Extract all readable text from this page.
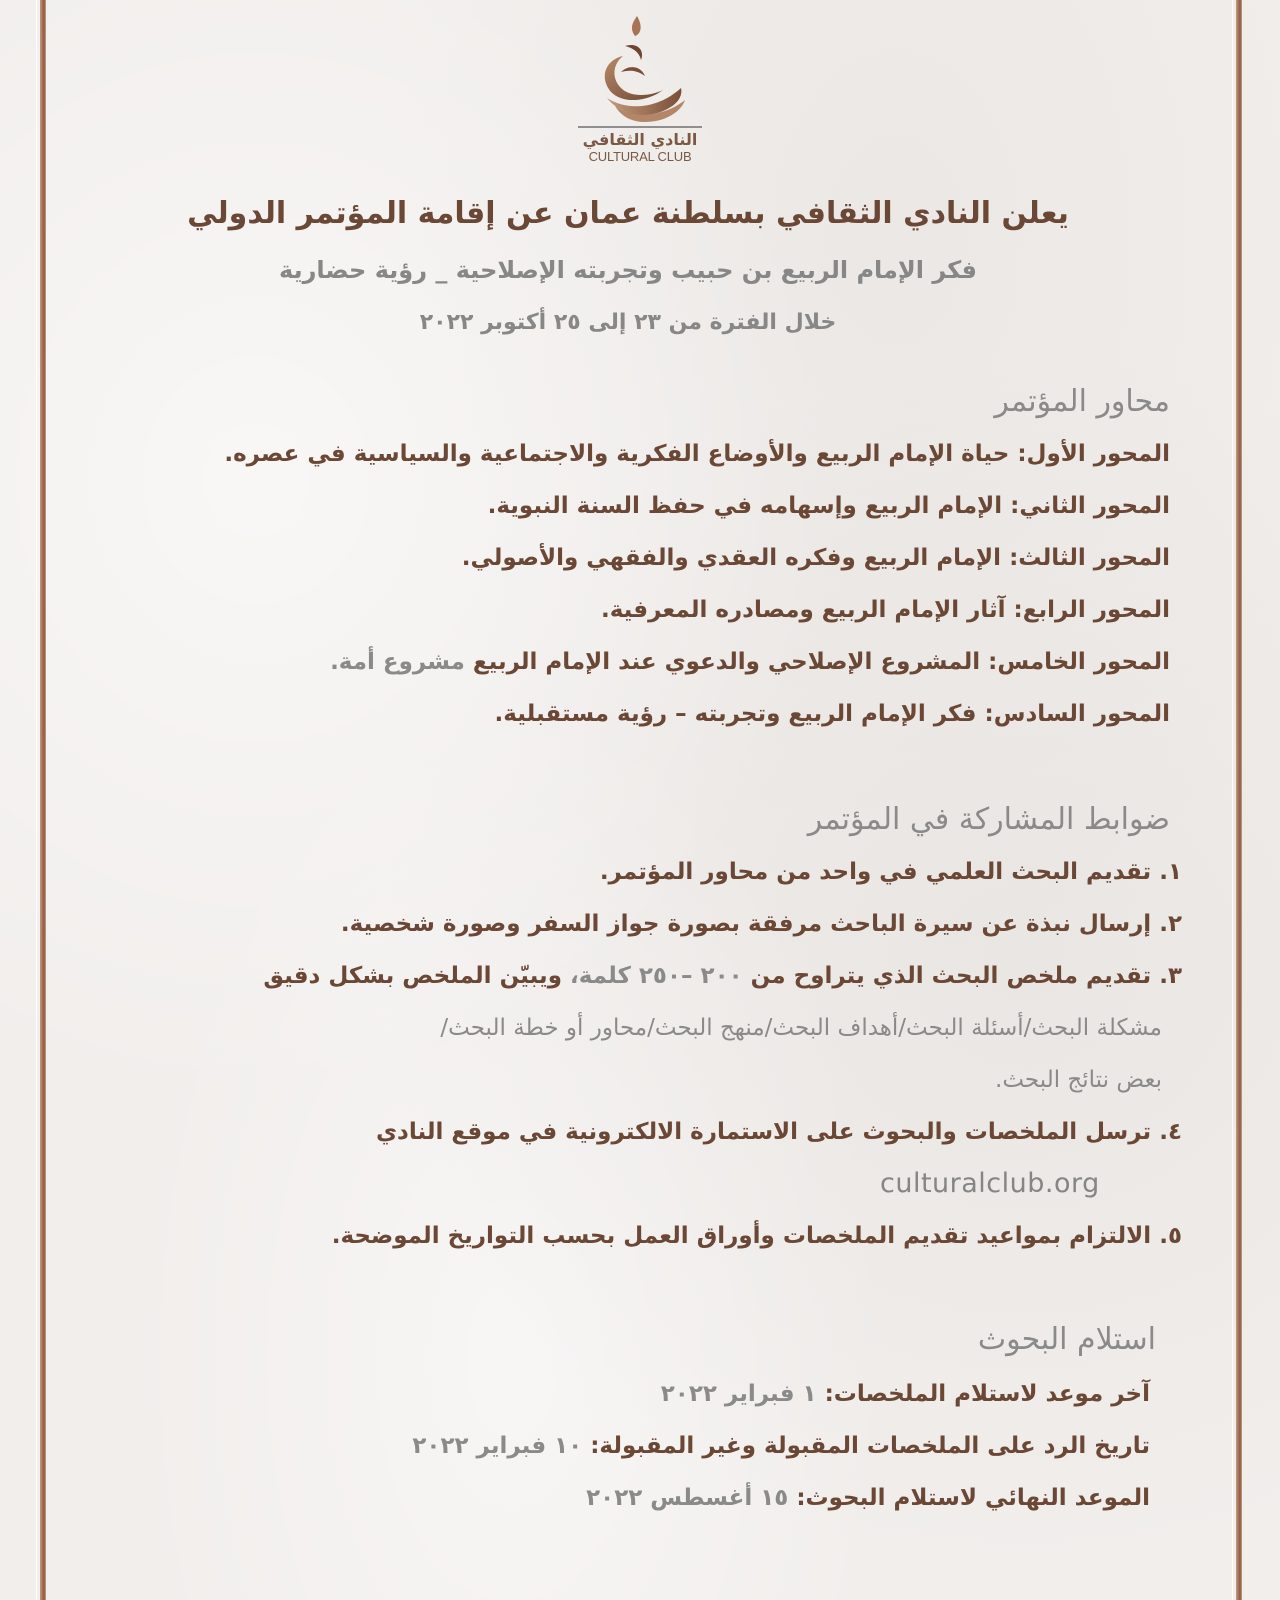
النادي الثقافي
CULTURAL CLUB
يعلن النادي الثقافي بسلطنة عمان عن إقامة المؤتمر الدولي
فكر الإمام الربيع بن حبيب وتجربته الإصلاحية _ رؤية حضارية
خلال الفترة من ٢٣ إلى ٢٥ أكتوبر ٢٠٢٢
محاور المؤتمر
المحور الأول: حياة الإمام الربيع والأوضاع الفكرية والاجتماعية والسياسية في عصره.
المحور الثاني: الإمام الربيع وإسهامه في حفظ السنة النبوية.
المحور الثالث: الإمام الربيع وفكره العقدي والفقهي والأصولي.
المحور الرابع: آثار الإمام الربيع ومصادره المعرفية.
المحور الخامس: المشروع الإصلاحي والدعوي عند الإمام الربيع مشروع أمة.
المحور السادس: فكر الإمام الربيع وتجربته – رؤية مستقبلية.
ضوابط المشاركة في المؤتمر
١. تقديم البحث العلمي في واحد من محاور المؤتمر.
٢. إرسال نبذة عن سيرة الباحث مرفقة بصورة جواز السفر وصورة شخصية.
٣. تقديم ملخص البحث الذي يتراوح من ٢٠٠ –٢٥٠ كلمة، ويبيّن الملخص بشكل دقيق
مشكلة البحث/أسئلة البحث/أهداف البحث/منهج البحث/محاور أو خطة البحث/
بعض نتائج البحث.
٤. ترسل الملخصات والبحوث على الاستمارة الالكترونية في موقع النادي
culturalclub.org
٥. الالتزام بمواعيد تقديم الملخصات وأوراق العمل بحسب التواريخ الموضحة.
استلام البحوث
آخر موعد لاستلام الملخصات: ١ فبراير ٢٠٢٢
تاريخ الرد على الملخصات المقبولة وغير المقبولة: ١٠ فبراير ٢٠٢٢
الموعد النهائي لاستلام البحوث: ١٥ أغسطس ٢٠٢٢
